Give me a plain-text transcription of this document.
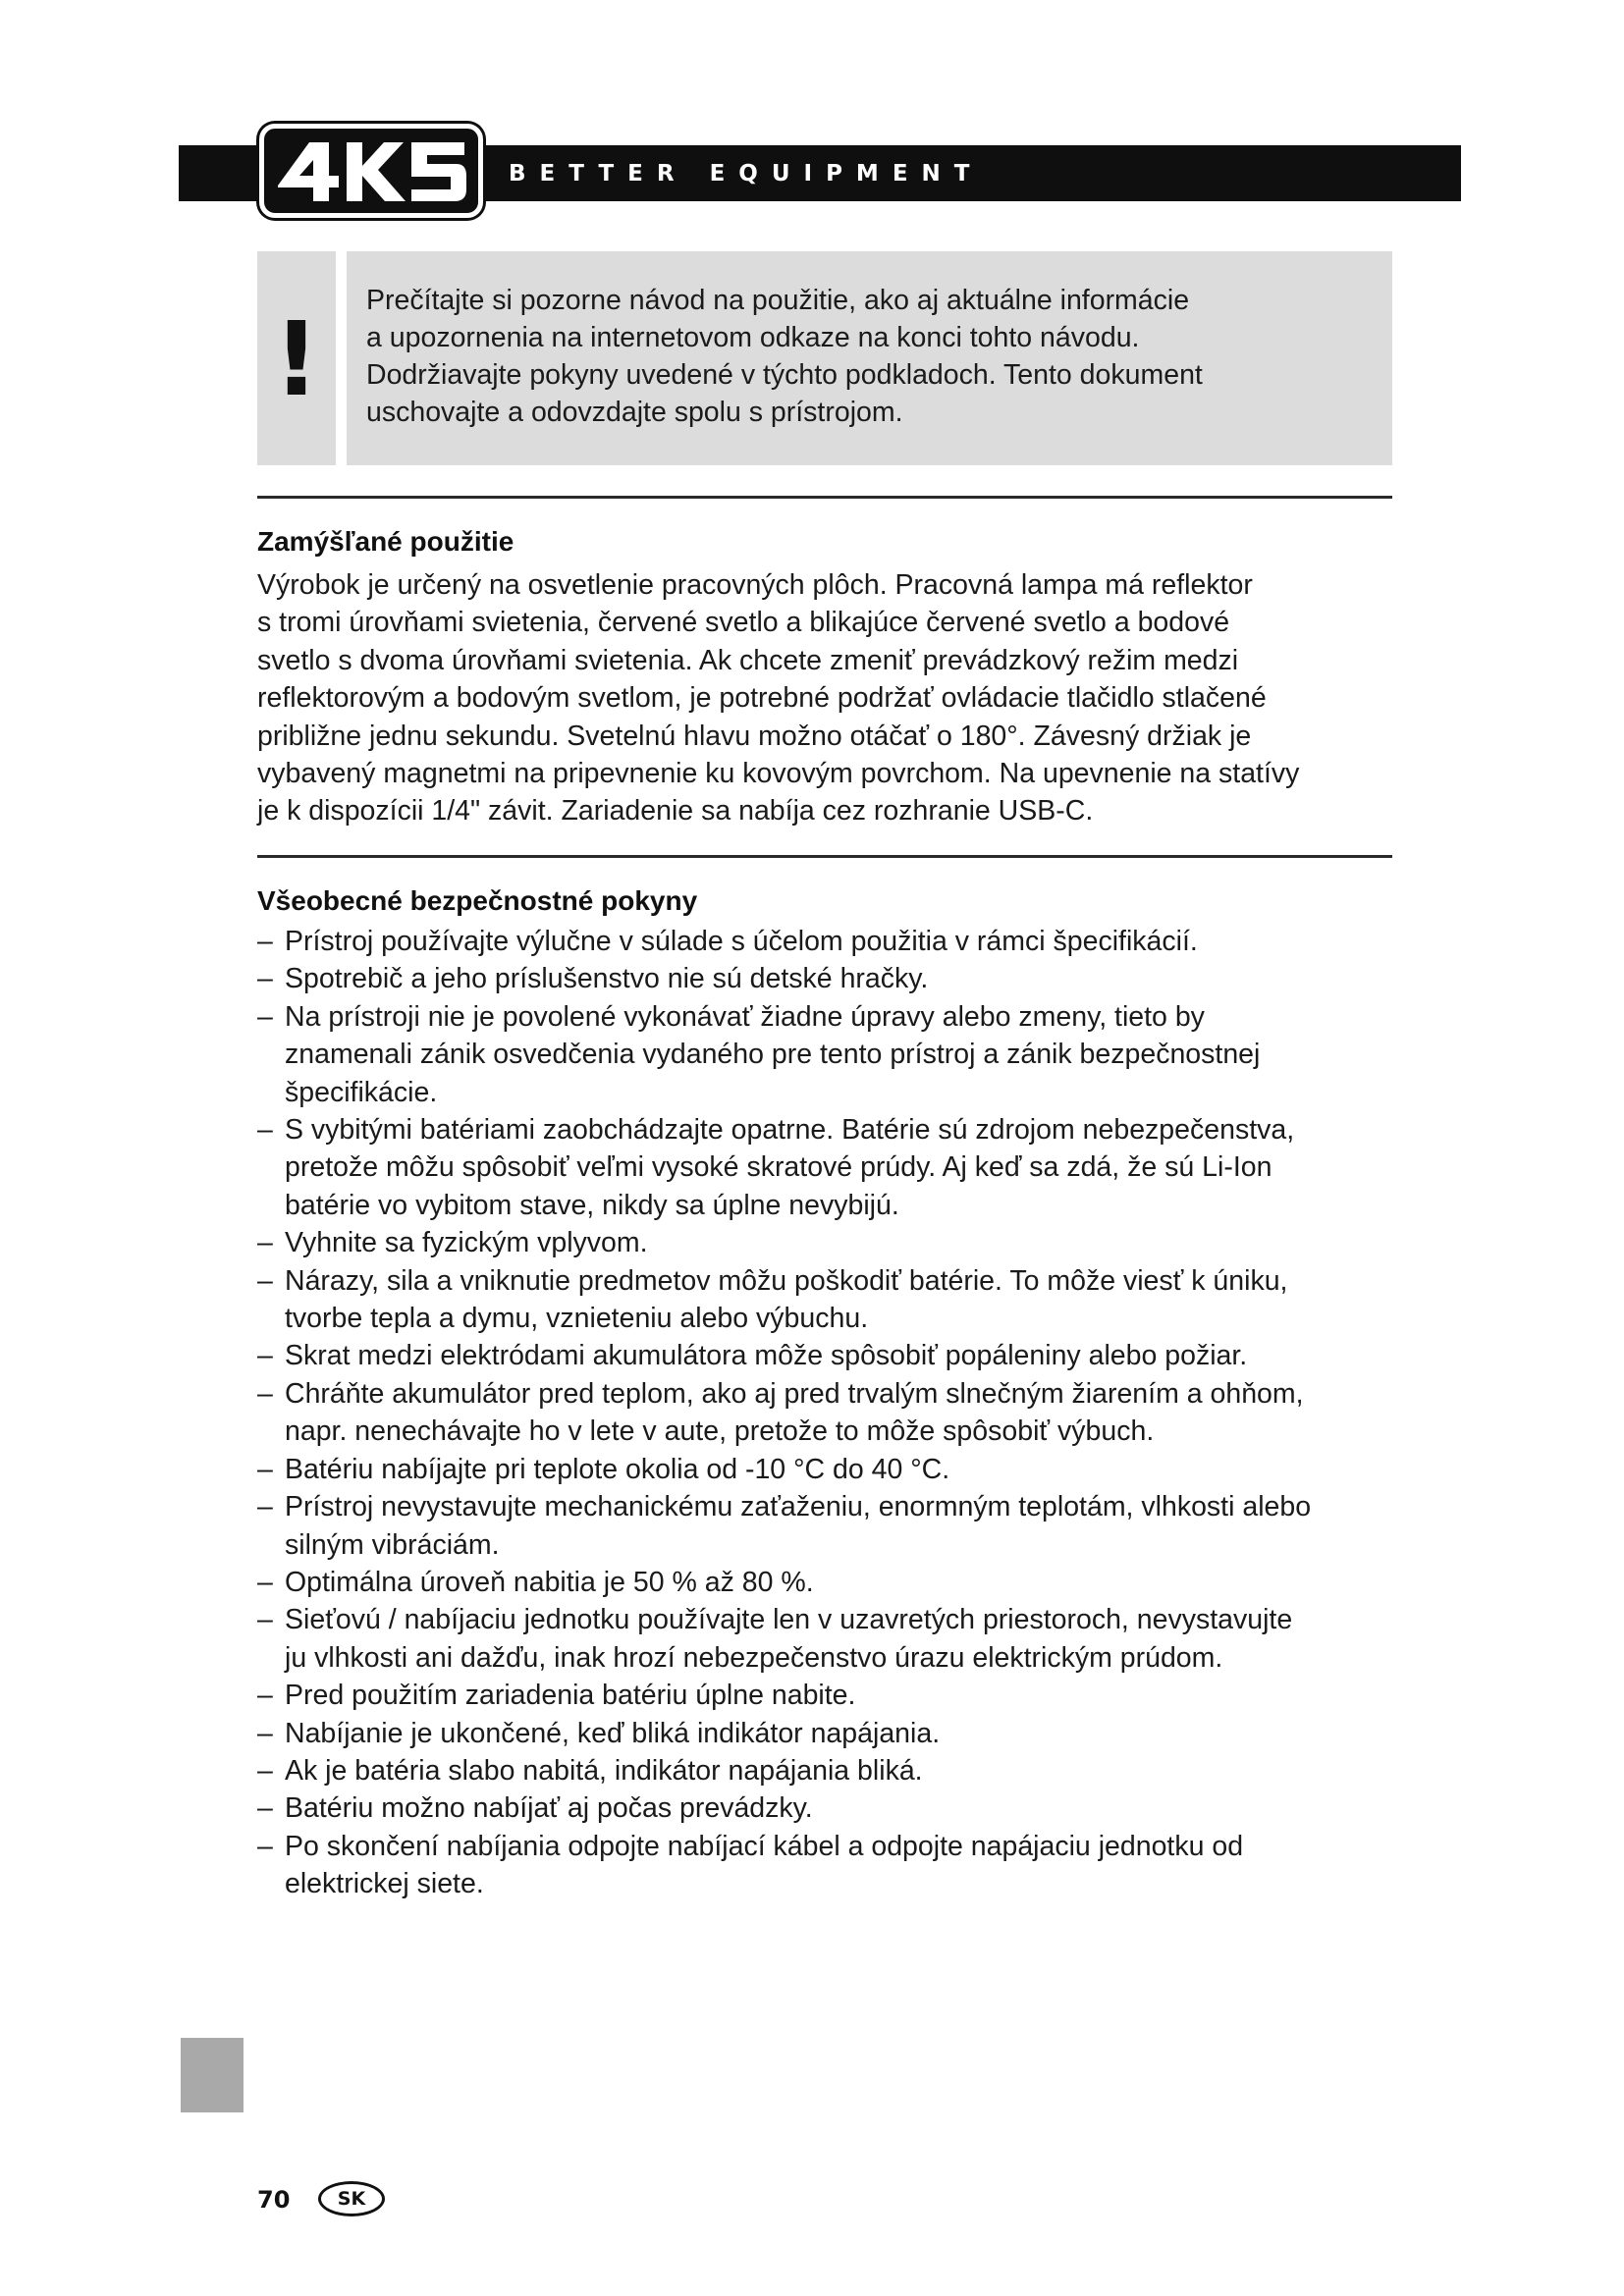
BETTER EQUIPMENT
!	Prečítajte si pozorne návod na použitie, ako aj aktuálne informácie
a upozornenia na internetovom odkaze na konci tohto návodu.
Dodržiavajte pokyny uvedené v týchto podkladoch. Tento dokument
uschovajte a odovzdajte spolu s prístrojom.
Zamýšľané použitie
Výrobok je určený na osvetlenie pracovných plôch. Pracovná lampa má reflektor
s tromi úrovňami svietenia, červené svetlo a blikajúce červené svetlo a bodové
svetlo s dvoma úrovňami svietenia. Ak chcete zmeniť prevádzkový režim medzi
reflektorovým a bodovým svetlom, je potrebné podržať ovládacie tlačidlo stlačené
približne jednu sekundu. Svetelnú hlavu možno otáčať o 180°. Závesný držiak je
vybavený magnetmi na pripevnenie ku kovovým povrchom. Na upevnenie na statívy
je k dispozícii 1/4" závit. Zariadenie sa nabíja cez rozhranie USB-C.
Všeobecné bezpečnostné pokyny
– Prístroj používajte výlučne v súlade s účelom použitia v rámci špecifikácií.
– Spotrebič a jeho príslušenstvo nie sú detské hračky.
– Na prístroji nie je povolené vykonávať žiadne úpravy alebo zmeny, tieto by
znamenali zánik osvedčenia vydaného pre tento prístroj a zánik bezpečnostnej
špecifikácie.
– S vybitými batériami zaobchádzajte opatrne. Batérie sú zdrojom nebezpečenstva,
pretože môžu spôsobiť veľmi vysoké skratové prúdy. Aj keď sa zdá, že sú Li-Ion
batérie vo vybitom stave, nikdy sa úplne nevybijú.
– Vyhnite sa fyzickým vplyvom.
– Nárazy, sila a vniknutie predmetov môžu poškodiť batérie. To môže viesť k úniku,
tvorbe tepla a dymu, vznieteniu alebo výbuchu.
– Skrat medzi elektródami akumulátora môže spôsobiť popáleniny alebo požiar.
– Chráňte akumulátor pred teplom, ako aj pred trvalým slnečným žiarením a ohňom,
napr. nenechávajte ho v lete v aute, pretože to môže spôsobiť výbuch.
– Batériu nabíjajte pri teplote okolia od -10 °C do 40 °C.
– Prístroj nevystavujte mechanickému zaťaženiu, enormným teplotám, vlhkosti alebo
silným vibráciám.
– Optimálna úroveň nabitia je 50 % až 80 %.
– Sieťovú / nabíjaciu jednotku používajte len v uzavretých priestoroch, nevystavujte
ju vlhkosti ani dažďu, inak hrozí nebezpečenstvo úrazu elektrickým prúdom.
– Pred použitím zariadenia batériu úplne nabite.
– Nabíjanie je ukončené, keď bliká indikátor napájania.
– Ak je batéria slabo nabitá, indikátor napájania bliká.
– Batériu možno nabíjať aj počas prevádzky.
– Po skončení nabíjania odpojte nabíjací kábel a odpojte napájaciu jednotku od
elektrickej siete.
70	SK
